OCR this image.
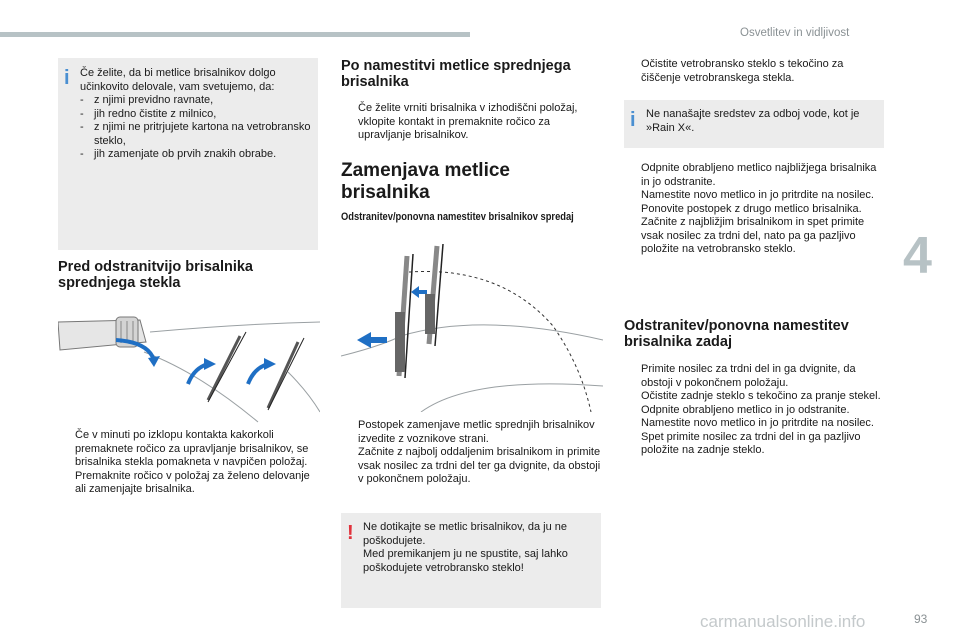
Osvetlitev in vidljivost
4
i Če želite, da bi metlice brisalnikov dolgo učinkovito delovale, vam svetujemo, da:
- z njimi previdno ravnate,
- jih redno čistite z milnico,
- z njimi ne pritrjujete kartona na vetrobransko steklo,
- jih zamenjate ob prvih znakih obrabe.
Pred odstranitvijo brisalnika sprednjega stekla
Če v minuti po izklopu kontakta kakorkoli premaknete ročico za upravljanje brisalnikov, se brisalnika stekla pomakneta v navpičen položaj.
Premaknite ročico v položaj za želeno delovanje ali zamenjajte brisalnika.
Po namestitvi metlice sprednjega brisalnika
Če želite vrniti brisalnika v izhodiščni položaj, vklopite kontakt in premaknite ročico za upravljanje brisalnikov.
Zamenjava metlice brisalnika
Odstranitev/ponovna namestitev brisalnikov spredaj
Postopek zamenjave metlic sprednjih brisalnikov izvedite z voznikove strani.
Začnite z najbolj oddaljenim brisalnikom in primite vsak nosilec za trdni del ter ga dvignite, da obstoji v pokončnem položaju.
! Ne dotikajte se metlic brisalnikov, da ju ne poškodujete.
Med premikanjem ju ne spustite, saj lahko poškodujete vetrobransko steklo!
Očistite vetrobransko steklo s tekočino za čiščenje vetrobranskega stekla.
i Ne nanašajte sredstev za odboj vode, kot je »Rain X«.
Odpnite obrabljeno metlico najbližjega brisalnika in jo odstranite.
Namestite novo metlico in jo pritrdite na nosilec.
Ponovite postopek z drugo metlico brisalnika.
Začnite z najbližjim brisalnikom in spet primite vsak nosilec za trdni del, nato pa ga pazljivo položite na vetrobransko steklo.
Odstranitev/ponovna namestitev brisalnika zadaj
Primite nosilec za trdni del in ga dvignite, da obstoji v pokončnem položaju.
Očistite zadnje steklo s tekočino za pranje stekel.
Odpnite obrabljeno metlico in jo odstranite.
Namestite novo metlico in jo pritrdite na nosilec.
Spet primite nosilec za trdni del in ga pazljivo položite na zadnje steklo.
carmanualsonline.info	93
